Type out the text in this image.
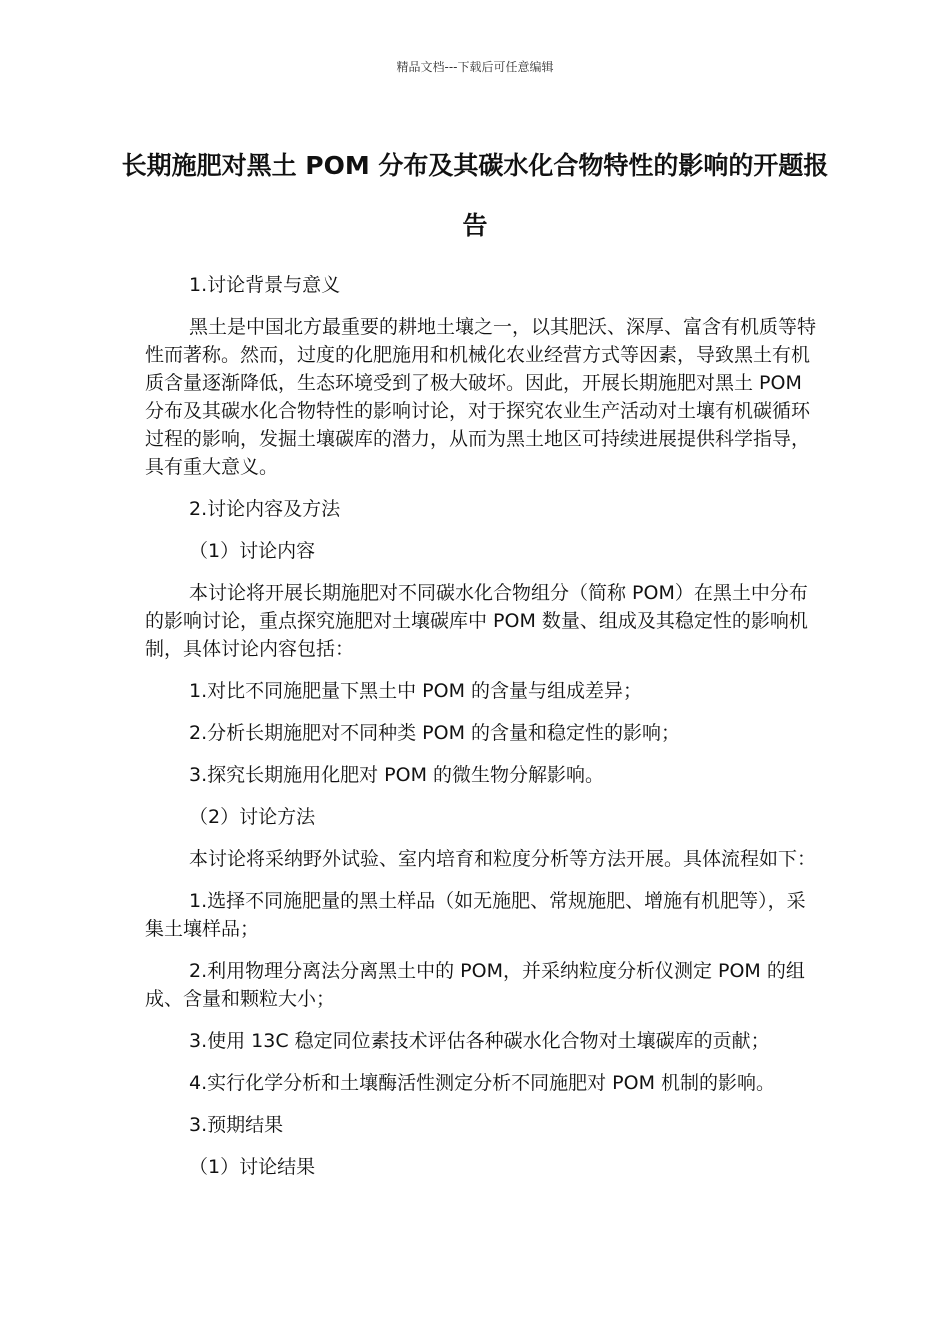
精品文档---下载后可任意编辑
长期施肥对黑土 POM 分布及其碳水化合物特性的影响的开题报告

1.讨论背景与意义

黑土是中国北方最重要的耕地土壤之一，以其肥沃、深厚、富含有机质等特性而著称。然而，过度的化肥施用和机械化农业经营方式等因素，导致黑土有机质含量逐渐降低，生态环境受到了极大破坏。因此，开展长期施肥对黑土 POM 分布及其碳水化合物特性的影响讨论，对于探究农业生产活动对土壤有机碳循环过程的影响，发掘土壤碳库的潜力，从而为黑土地区可持续进展提供科学指导，具有重大意义。

2.讨论内容及方法

（1）讨论内容

本讨论将开展长期施肥对不同碳水化合物组分（简称 POM）在黑土中分布的影响讨论，重点探究施肥对土壤碳库中 POM 数量、组成及其稳定性的影响机制，具体讨论内容包括：

1.对比不同施肥量下黑土中 POM 的含量与组成差异；

2.分析长期施肥对不同种类 POM 的含量和稳定性的影响；

3.探究长期施用化肥对 POM 的微生物分解影响。

（2）讨论方法

本讨论将采纳野外试验、室内培育和粒度分析等方法开展。具体流程如下：

1.选择不同施肥量的黑土样品（如无施肥、常规施肥、增施有机肥等），采集土壤样品；

2.利用物理分离法分离黑土中的 POM，并采纳粒度分析仪测定 POM 的组成、含量和颗粒大小；

3.使用 13C 稳定同位素技术评估各种碳水化合物对土壤碳库的贡献；

4.实行化学分析和土壤酶活性测定分析不同施肥对 POM 机制的影响。

3.预期结果

（1）讨论结果
